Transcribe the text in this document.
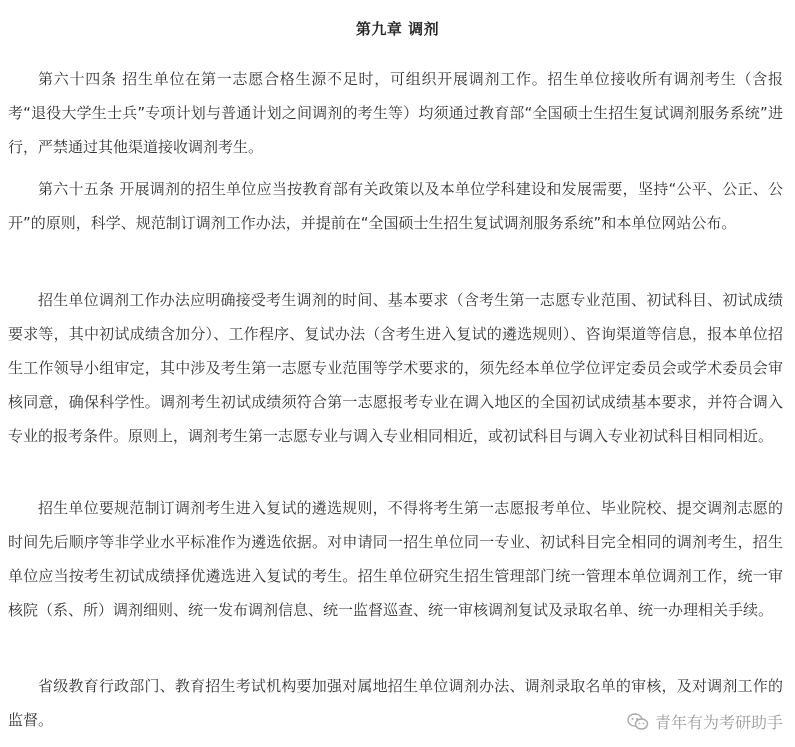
第九章 调剂

第六十四条 招生单位在第一志愿合格生源不足时，可组织开展调剂工作。招生单位接收所有调剂考生（含报考“退役大学生士兵”专项计划与普通计划之间调剂的考生等）均须通过教育部“全国硕士生招生复试调剂服务系统”进行，严禁通过其他渠道接收调剂考生。

第六十五条 开展调剂的招生单位应当按教育部有关政策以及本单位学科建设和发展需要，坚持“公平、公正、公开”的原则，科学、规范制订调剂工作办法，并提前在“全国硕士生招生复试调剂服务系统”和本单位网站公布。

招生单位调剂工作办法应明确接受考生调剂的时间、基本要求（含考生第一志愿专业范围、初试科目、初试成绩要求等，其中初试成绩含加分）、工作程序、复试办法（含考生进入复试的遴选规则）、咨询渠道等信息，报本单位招生工作领导小组审定，其中涉及考生第一志愿专业范围等学术要求的，须先经本单位学位评定委员会或学术委员会审核同意，确保科学性。调剂考生初试成绩须符合第一志愿报考专业在调入地区的全国初试成绩基本要求，并符合调入专业的报考条件。原则上，调剂考生第一志愿专业与调入专业相同相近，或初试科目与调入专业初试科目相同相近。

招生单位要规范制订调剂考生进入复试的遴选规则，不得将考生第一志愿报考单位、毕业院校、提交调剂志愿的时间先后顺序等非学业水平标准作为遴选依据。对申请同一招生单位同一专业、初试科目完全相同的调剂考生，招生单位应当按考生初试成绩择优遴选进入复试的考生。招生单位研究生招生管理部门统一管理本单位调剂工作，统一审核院（系、所）调剂细则、统一发布调剂信息、统一监督巡查、统一审核调剂复试及录取名单、统一办理相关手续。

省级教育行政部门、教育招生考试机构要加强对属地招生单位调剂办法、调剂录取名单的审核，及对调剂工作的监督。	青年有为考研助手
